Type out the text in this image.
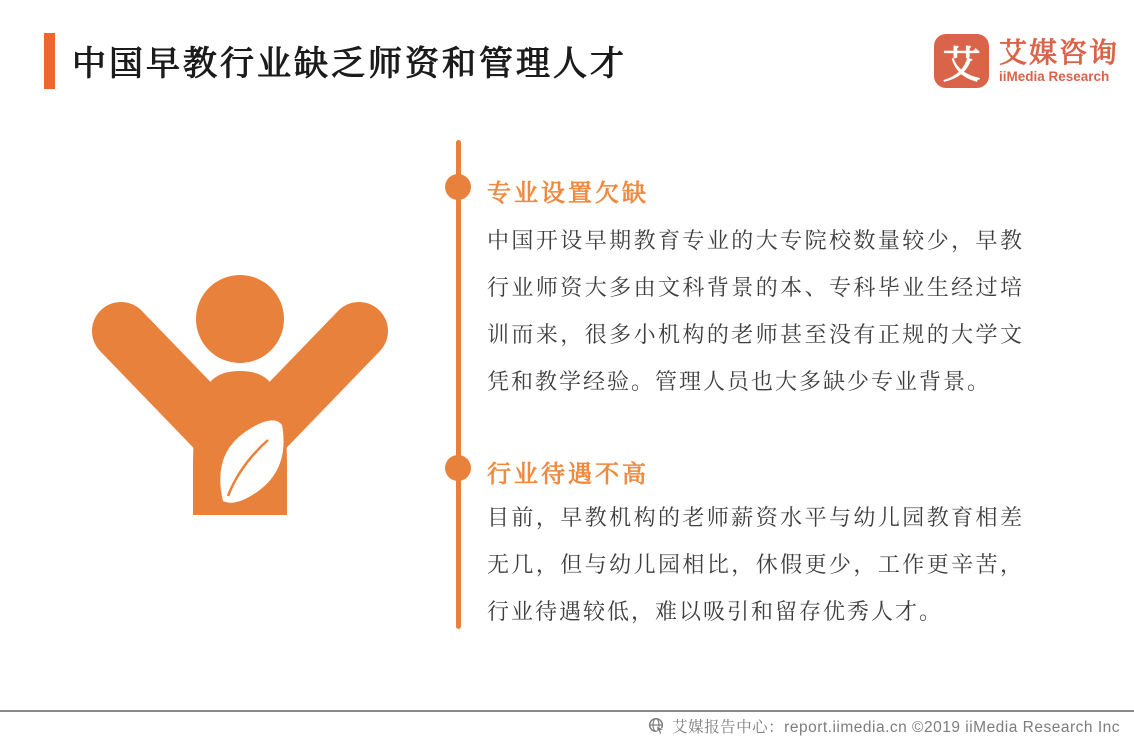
中国早教行业缺乏师资和管理人才	艾 艾媒咨询
iiMedia Research
专业设置欠缺
中国开设早期教育专业的大专院校数量较少，早教行业师资大多由文科背景的本、专科毕业生经过培训而来，很多小机构的老师甚至没有正规的大学文凭和教学经验。管理人员也大多缺少专业背景。
行业待遇不高
目前，早教机构的老师薪资水平与幼儿园教育相差无几，但与幼儿园相比，休假更少，工作更辛苦，行业待遇较低，难以吸引和留存优秀人才。
艾媒报告中心：report.iimedia.cn ©2019 iiMedia Research Inc
